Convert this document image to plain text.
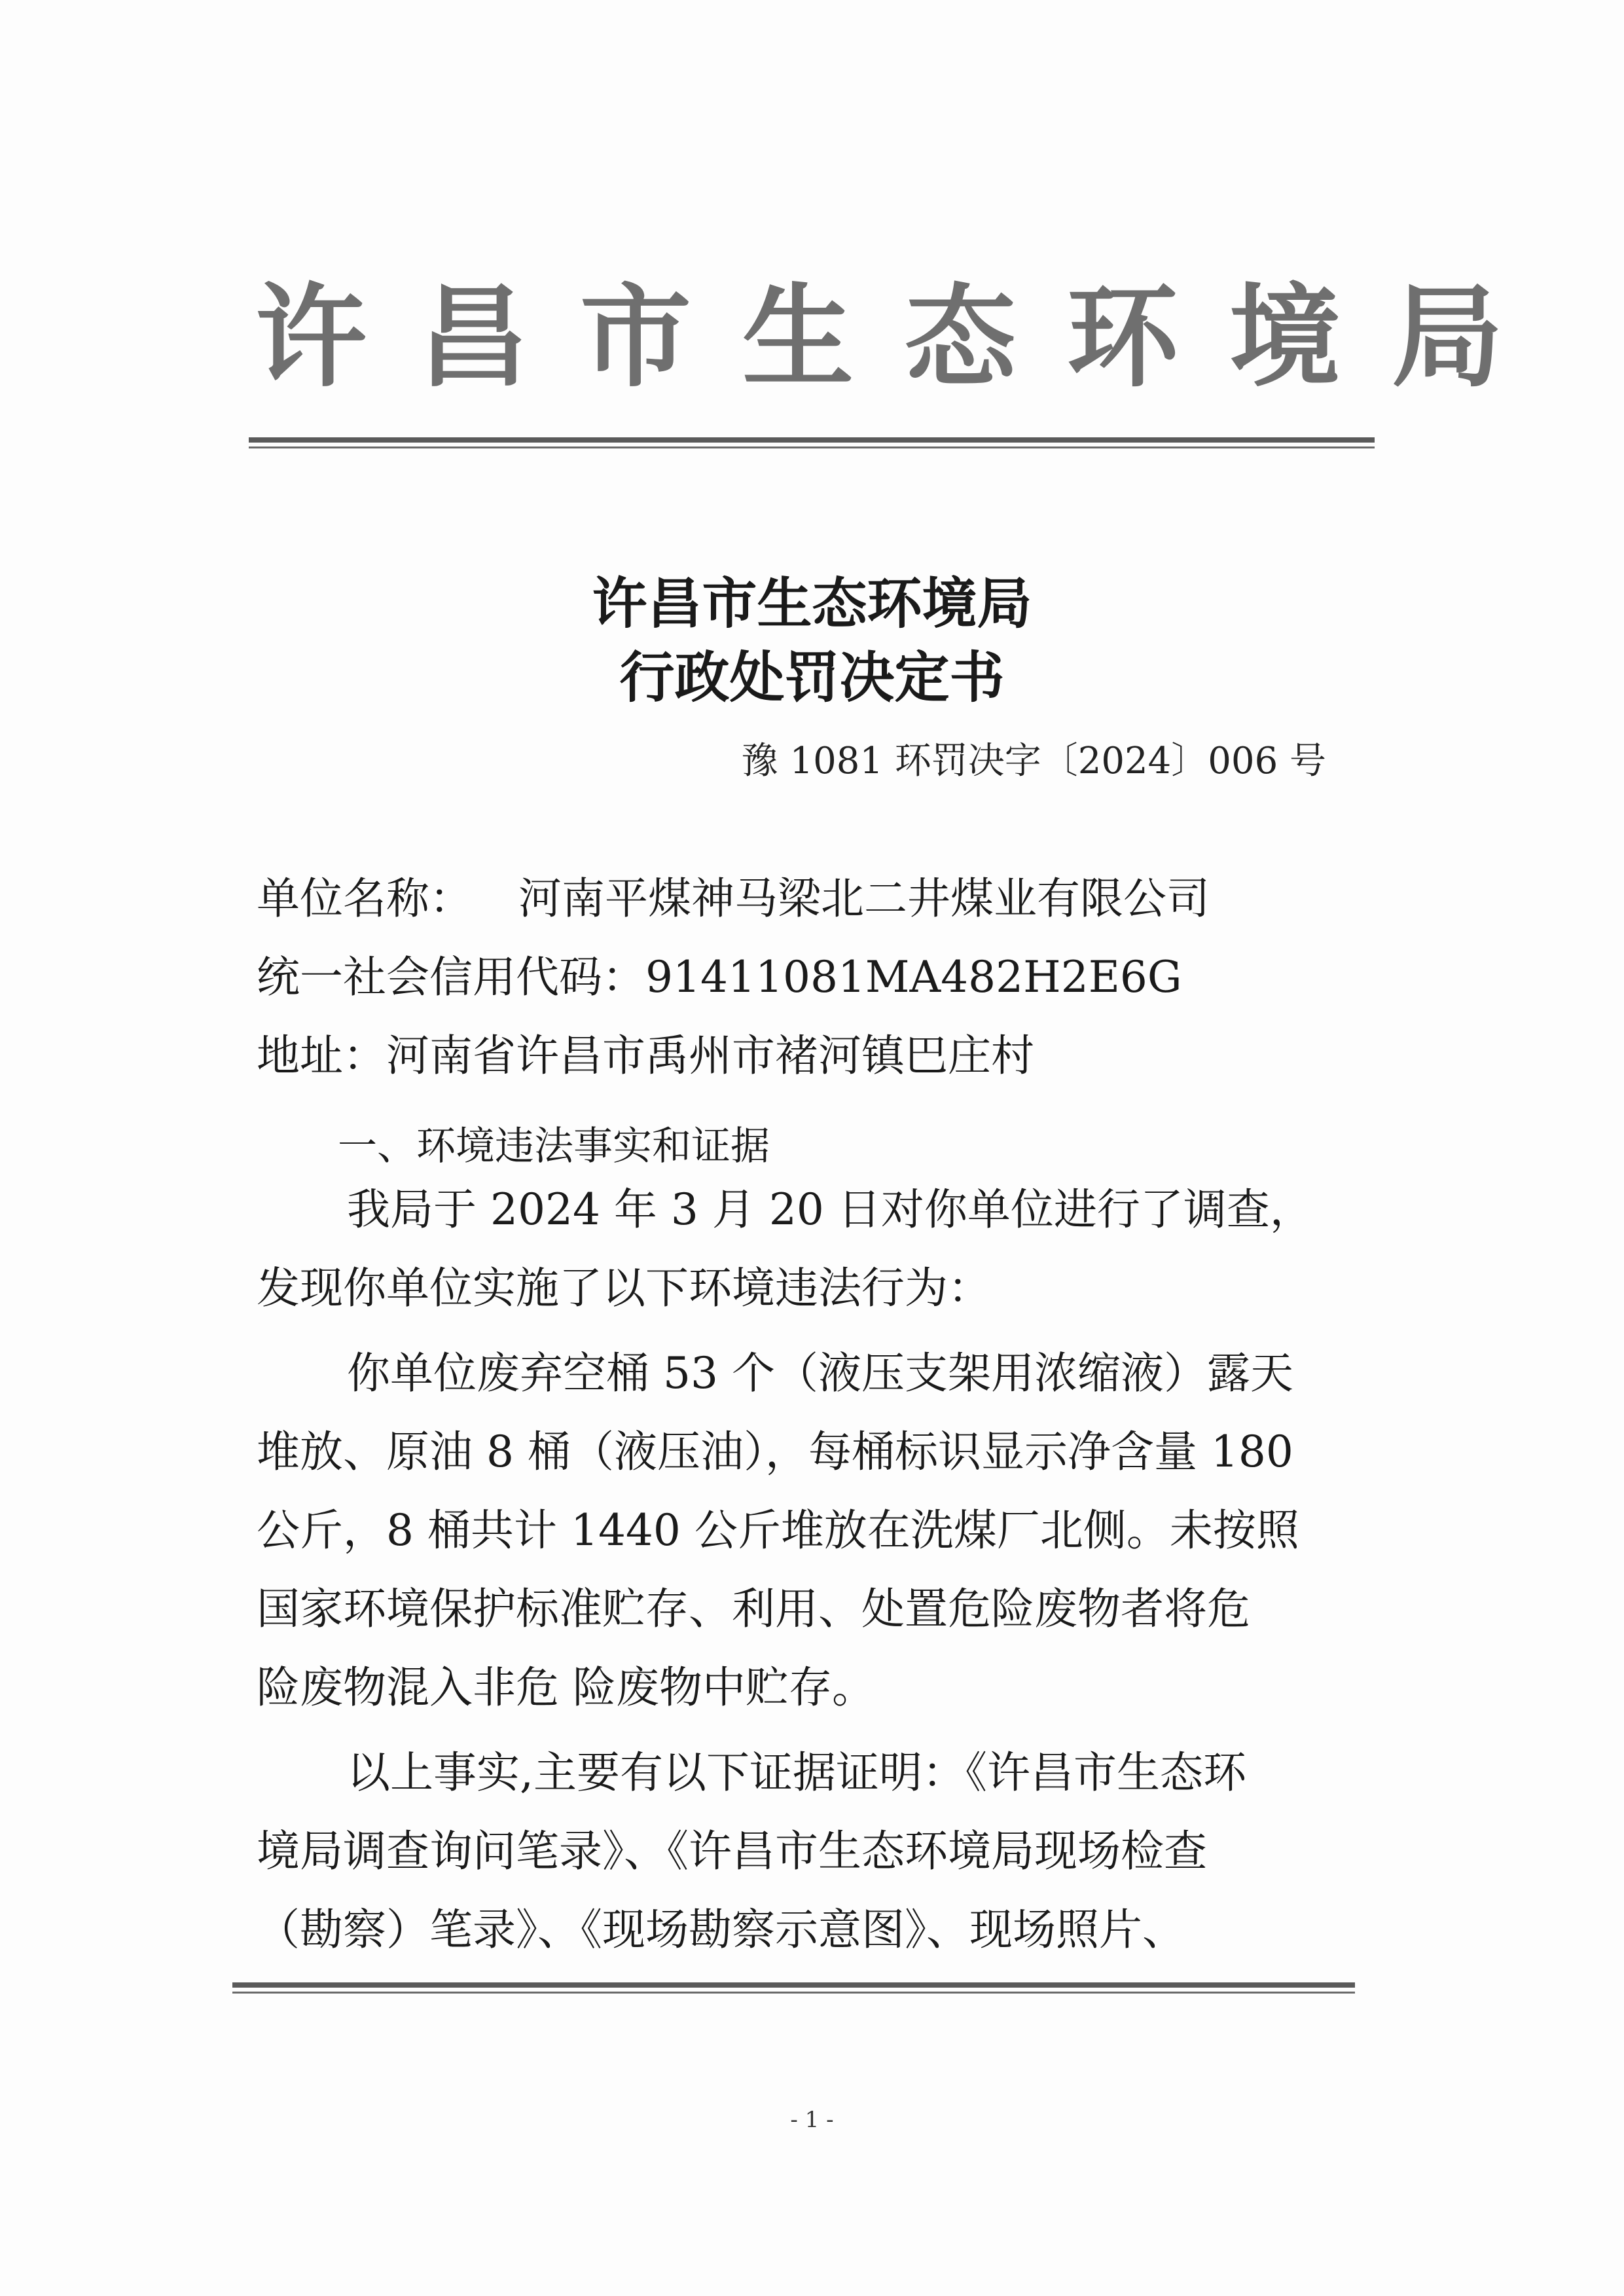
许昌市生态环境局
许昌市生态环境局
行政处罚决定书
豫 1081 环罚决字〔2024〕006 号
单位名称： 河南平煤神马梁北二井煤业有限公司
统一社会信用代码：91411081MA482H2E6G
地址：河南省许昌市禹州市褚河镇巴庄村
一、环境违法事实和证据
我局于 2024 年 3 月 20 日对你单位进行了调查，
发现你单位实施了以下环境违法行为：
你单位废弃空桶 53 个（液压支架用浓缩液）露天
堆放、原油 8 桶（液压油），每桶标识显示净含量 180
公斤，8 桶共计 1440 公斤堆放在洗煤厂北侧。未按照
国家环境保护标准贮存、利用、处置危险废物者将危
险废物混入非危 险废物中贮存。
以上事实,主要有以下证据证明：《许昌市生态环
境局调查询问笔录》、《许昌市生态环境局现场检查
（勘察）笔录》、《现场勘察示意图》、现场照片、
- 1 -
